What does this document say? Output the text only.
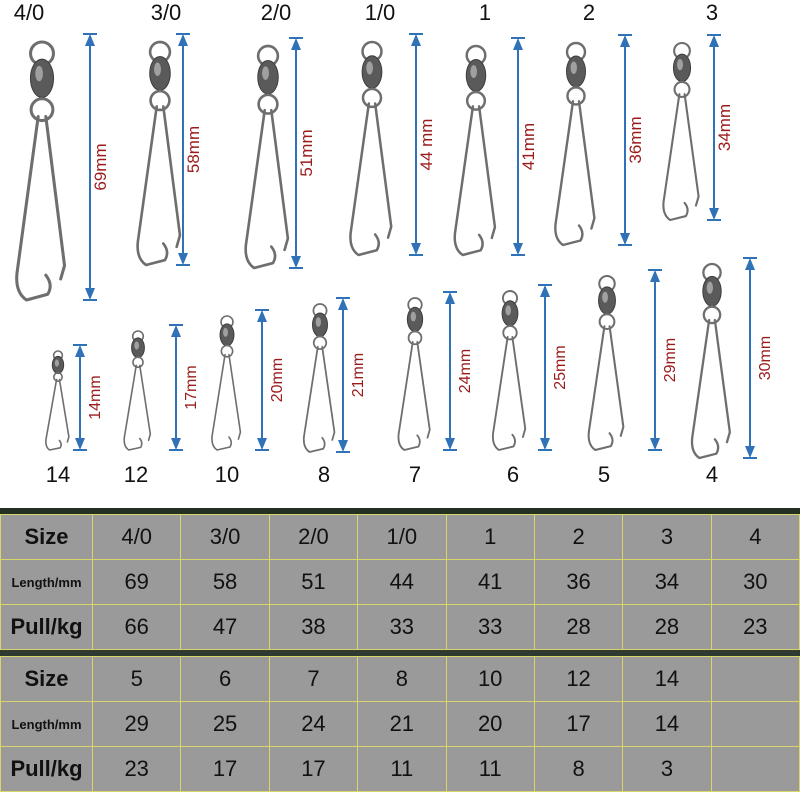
69mm
4/0
58mm
3/0
51mm
2/0
44 mm
1/0
41mm
1
36mm
2
34mm
3
14mm
14
17mm
12
20mm
10
21mm
8
24mm
7
25mm
6
29mm
5
30mm
4
Size	4/0	3/0	2/0	1/0	1	2	3	4
Length/mm	69	58	51	44	41	36	34	30
Pull/kg	66	47	38	33	33	28	28	23
Size	5	6	7	8	10	12	14	
Length/mm	29	25	24	21	20	17	14	
Pull/kg	23	17	17	11	11	8	3	
